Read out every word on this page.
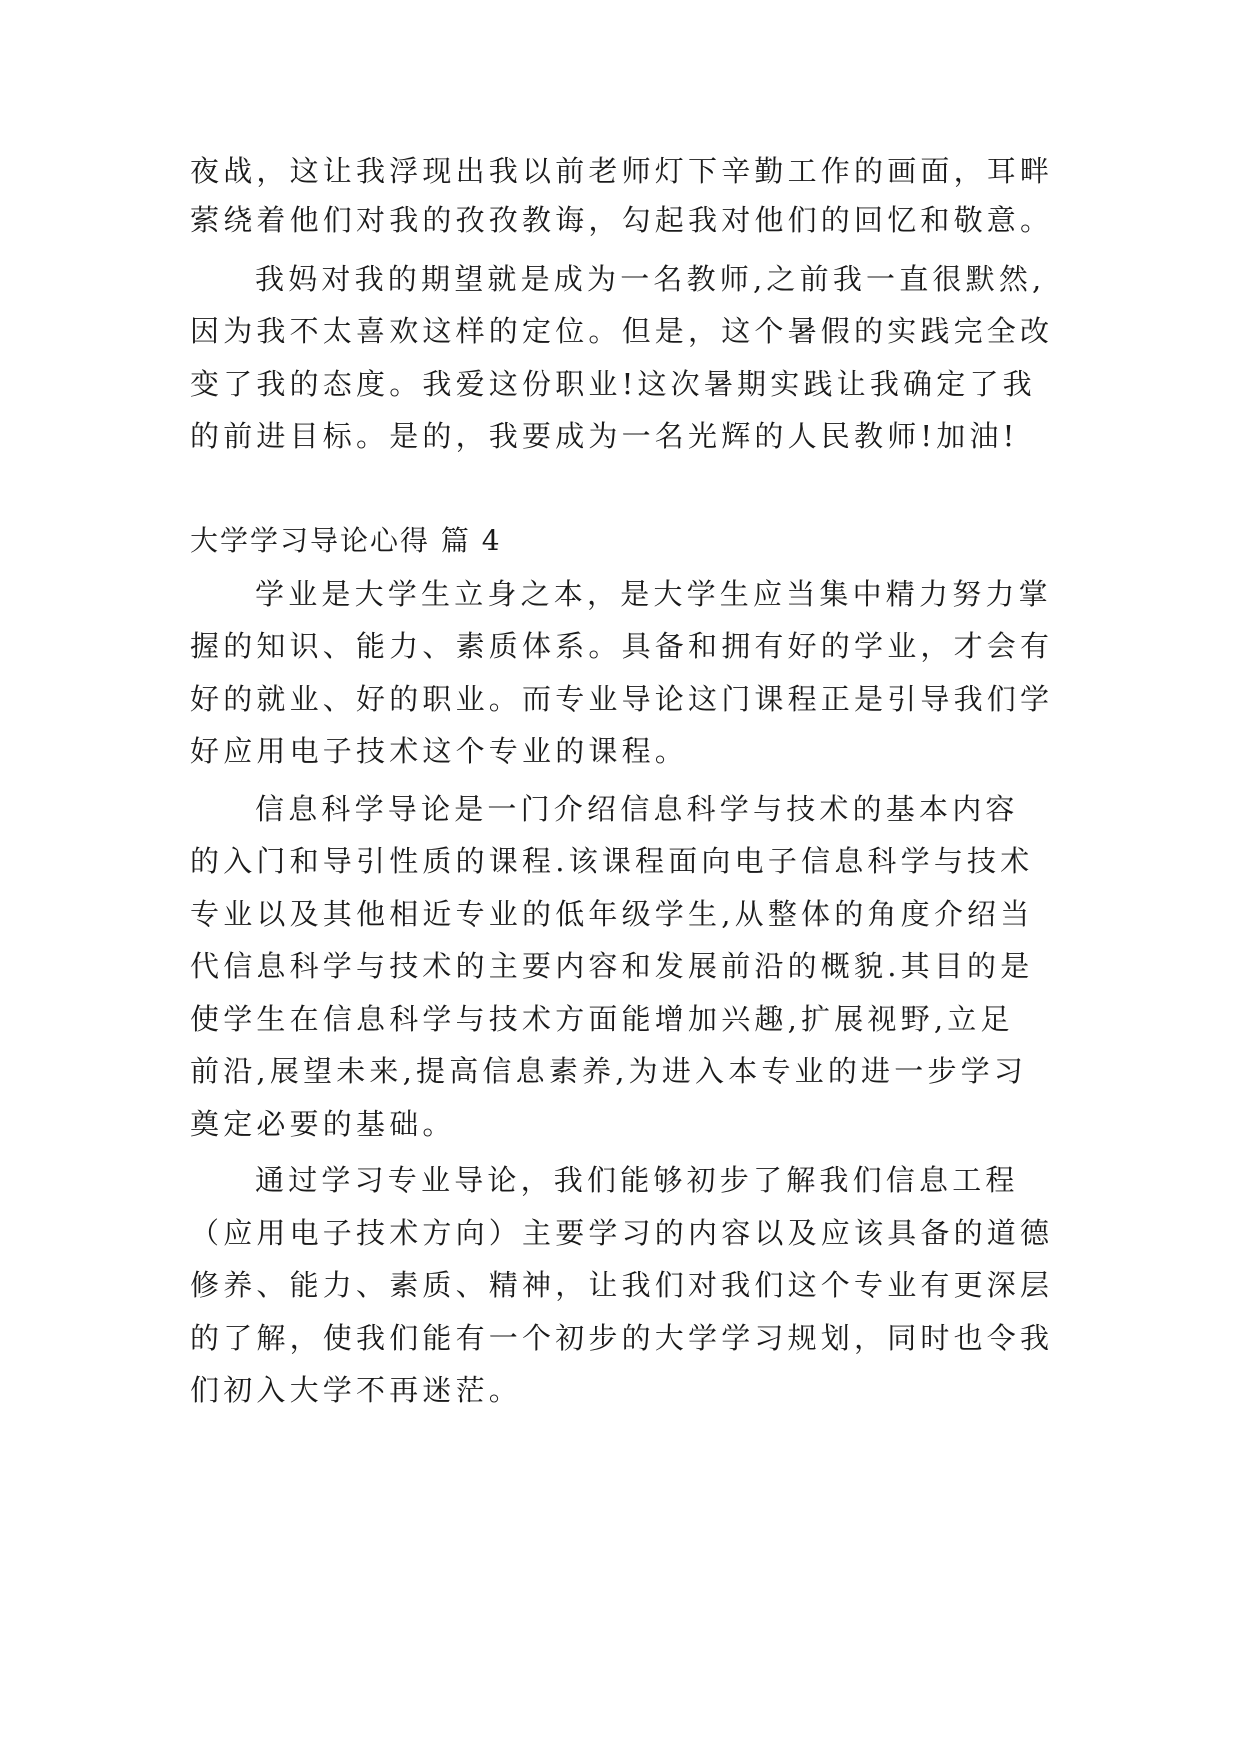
夜战，这让我浮现出我以前老师灯下辛勤工作的画面，耳畔
萦绕着他们对我的孜孜教诲，勾起我对他们的回忆和敬意。
我妈对我的期望就是成为一名教师,之前我一直很默然,
因为我不太喜欢这样的定位。但是，这个暑假的实践完全改
变了我的态度。我爱这份职业!这次暑期实践让我确定了我
的前进目标。是的，我要成为一名光辉的人民教师!加油!
大学学习导论心得 篇 4
学业是大学生立身之本，是大学生应当集中精力努力掌
握的知识、能力、素质体系。具备和拥有好的学业，才会有
好的就业、好的职业。而专业导论这门课程正是引导我们学
好应用电子技术这个专业的课程。
信息科学导论是一门介绍信息科学与技术的基本内容
的入门和导引性质的课程.该课程面向电子信息科学与技术
专业以及其他相近专业的低年级学生,从整体的角度介绍当
代信息科学与技术的主要内容和发展前沿的概貌.其目的是
使学生在信息科学与技术方面能增加兴趣,扩展视野,立足
前沿,展望未来,提高信息素养,为进入本专业的进一步学习
奠定必要的基础。
通过学习专业导论，我们能够初步了解我们信息工程
（应用电子技术方向）主要学习的内容以及应该具备的道德
修养、能力、素质、精神，让我们对我们这个专业有更深层
的了解，使我们能有一个初步的大学学习规划，同时也令我
们初入大学不再迷茫。
